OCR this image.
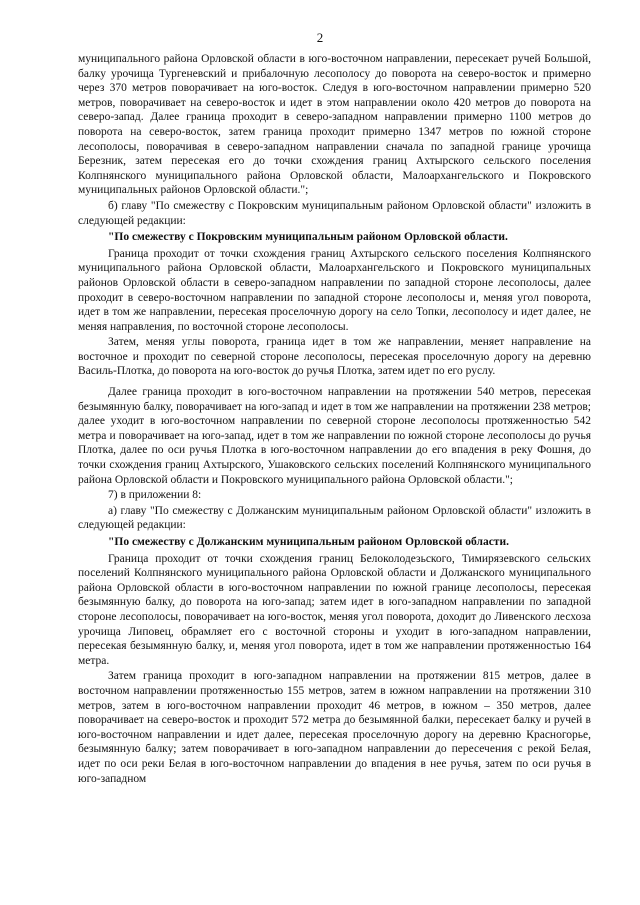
2

муниципального района Орловской области в юго-восточном направлении, пересекает ручей Большой, балку урочища Тургеневский и прибалочную лесополосу до поворота на северо-восток и примерно через 370 метров поворачивает на юго-восток. Следуя в юго-восточном направлении примерно 520 метров, поворачивает на северо-восток и идет в этом направлении около 420 метров до поворота на северо-запад. Далее граница проходит в северо-западном направлении примерно 1100 метров до поворота на северо-восток, затем граница проходит примерно 1347 метров по южной стороне лесополосы, поворачивая в северо-западном направлении сначала по западной границе урочища Березник, затем пересекая его до точки схождения границ Ахтырского сельского поселения Колпнянского муниципального района Орловской области, Малоархангельского и Покровского муниципальных районов Орловской области.";

б) главу "По смежеству с Покровским муниципальным районом Орловской области" изложить в следующей редакции:

"По смежеству с Покровским муниципальным районом Орловской области.

Граница проходит от точки схождения границ Ахтырского сельского поселения Колпнянского муниципального района Орловской области, Малоархангельского и Покровского муниципальных районов Орловской области в северо-западном направлении по западной стороне лесополосы, далее проходит в северо-восточном направлении по западной стороне лесополосы и, меняя угол поворота, идет в том же направлении, пересекая проселочную дорогу на село Топки, лесополосу и идет далее, не меняя направления, по восточной стороне лесополосы.

Затем, меняя углы поворота, граница идет в том же направлении, меняет направление на восточное и проходит по северной стороне лесополосы, пересекая проселочную дорогу на деревню Василь-Плотка, до поворота на юго-восток до ручья Плотка, затем идет по его руслу.

Далее граница проходит в юго-восточном направлении на протяжении 540 метров, пересекая безымянную балку, поворачивает на юго-запад и идет в том же направлении на протяжении 238 метров; далее уходит в юго-восточном направлении по северной стороне лесополосы протяженностью 542 метра и поворачивает на юго-запад, идет в том же направлении по южной стороне лесополосы до ручья Плотка, далее по оси ручья Плотка в юго-восточном направлении до его впадения в реку Фошня, до точки схождения границ Ахтырского, Ушаковского сельских поселений Колпнянского муниципального района Орловской области и Покровского муниципального района Орловской области.";

7) в приложении 8:

а) главу "По смежеству с Должанским муниципальным районом Орловской области" изложить в следующей редакции:

"По смежеству с Должанским муниципальным районом Орловской области.

Граница проходит от точки схождения границ Белоколодезьского, Тимирязевского сельских поселений Колпнянского муниципального района Орловской области и Должанского муниципального района Орловской области в юго-восточном направлении по южной границе лесополосы, пересекая безымянную балку, до поворота на юго-запад; затем идет в юго-западном направлении по западной стороне лесополосы, поворачивает на юго-восток, меняя угол поворота, доходит до Ливенского лесхоза урочища Липовец, обрамляет его с восточной стороны и уходит в юго-западном направлении, пересекая безымянную балку, и, меняя угол поворота, идет в том же направлении протяженностью 164 метра.

Затем граница проходит в юго-западном направлении на протяжении 815 метров, далее в восточном направлении протяженностью 155 метров, затем в южном направлении на протяжении 310 метров, затем в юго-восточном направлении проходит 46 метров, в южном – 350 метров, далее поворачивает на северо-восток и проходит 572 метра до безымянной балки, пересекает балку и ручей в юго-восточном направлении и идет далее, пересекая проселочную дорогу на деревню Красногорье, безымянную балку; затем поворачивает в юго-западном направлении до пересечения с рекой Белая, идет по оси реки Белая в юго-восточном направлении до впадения в нее ручья, затем по оси ручья в юго-западном
